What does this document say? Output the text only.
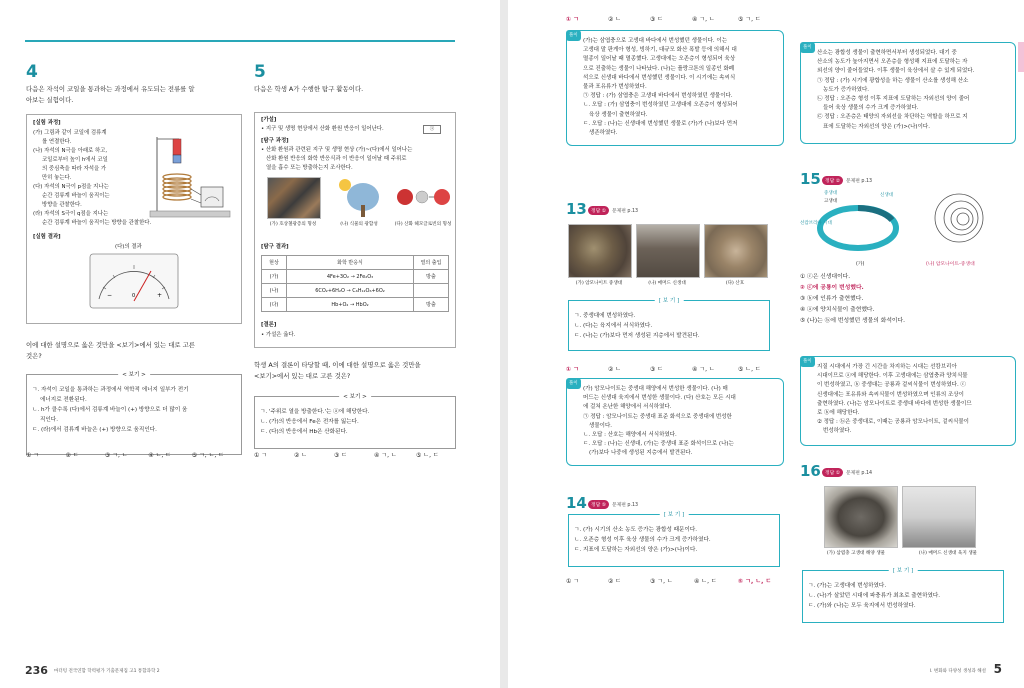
4
다음은 자석이 코일을 통과하는 과정에서 유도되는 전류를 알
아보는 실험이다.
[실험 과정]
(가) 그림과 같이 코일에 검류계
를 연결한다.
(나) 자석의 N극을 아래로 하고,
코일로부터 높이 h에서 코일
의 중심축을 따라 자석을 가
만히 놓는다.
(다) 자석의 N극이 p점을 지나는
순간 검류계 바늘이 움직이는
방향을 관찰한다.
(라) 자석의 S극이 q점을 지나는
순간 검류계 바늘이 움직이는 방향을 관찰한다.
[실험 결과]
(다)의 결과
−	+
0
이에 대한 설명으로 옳은 것만을 <보기>에서 있는 대로 고른
것은?
< 보기 >
ㄱ. 자석이 코일을 통과하는 과정에서 역학적 에너지 일부가 전기
에너지로 전환된다.
ㄴ. h가 클수록 (다)에서 검류계 바늘이 (+) 방향으로 더 많이 움
직인다.
ㄷ. (라)에서 검류계 바늘은 (+) 방향으로 움직인다.
① ㄱ	② ㄷ	③ ㄱ, ㄴ	④ ㄴ, ㄷ	⑤ ㄱ, ㄴ, ㄷ
5
다음은 학생 A가 수행한 탐구 활동이다.
[가설]
• 지구 및 생명 현상에서 산화 환원 반응이 일어난다.	ⓐ
[탐구 과정]
• 산화 환원과 관련된 지구 및 생명 현상 (가)~(다)에서 일어나는
산화 환원 반응의 화학 반응식과 이 반응이 일어날 때 주위로
열을 흡수 또는 방출하는지 조사한다.
(가) 호상철광층의 형성	(나) 식물의 광합성	(다) 산화 헤모글로빈의 형성
[탐구 결과]
현상	화학 반응식	열의 출입
(가)	4Fe+3O₂ → 2Fe₂O₃	방출
(나)	6CO₂+6H₂O → C₆H₁₂O₆+6O₂	
(다)	Hb+O₂ → HbO₂	방출
[결론]
• 가설은 옳다.
학생 A의 결론이 타당할 때, 이에 대한 설명으로 옳은 것만을
<보기>에서 있는 대로 고른 것은?
< 보기 >
ㄱ. '주위로 열을 방출한다.'는 ⓐ에 해당한다.
ㄴ. (가)의 반응에서 Fe은 전자를 잃는다.
ㄷ. (다)의 반응에서 Hb은 산화된다.
① ㄱ	② ㄴ	③ ㄷ	④ ㄱ, ㄴ	⑤ ㄴ, ㄷ
236 마더텅 전국연합 학력평가 기출문제집 고1 통합과학 2
① ㄱ	② ㄴ	③ ㄷ	④ ㄱ, ㄴ	⑤ ㄱ, ㄷ
풀이
(가)는 삼엽충으로 고생대 바다에서 번성했던 생물이다. 이는
고생대 말 판게아 형성, 빙하기, 대규모 화산 폭발 등에 의해서 대
멸종이 일어날 때 멸종했다. 고생대에는 오존층이 형성되어 육상
으로 진출하는 생물이 나타났다. (나)는 플랑크톤의 일종인 화폐
석으로 신생대 바다에서 번성했던 생물이다. 이 시기에는 속씨식
물과 포유류가 번성하였다.
㉠ 정답 : (가) 삼엽충은 고생대 바다에서 번성하였던 생물이다.
ㄴ. 오답 : (가) 삼엽충이 번성하였던 고생대에 오존층이 형성되어
육상 생물이 출현하였다.
ㄷ. 오답 : (나)는 신생대에 번성했던 생물로 (가)가 (나)보다 먼저
생존하였다.
13 정답 ①	문제편 p.13
(가) 암모나이트 중생대	(나) 매머드 신생대	(다) 산호
[ 보 기 ]
ㄱ. 중생대에 번성하였다.
ㄴ. (다)는 육지에서 서식하였다.
ㄷ. (나)는 (가)보다 먼저 생성된 지층에서 발견된다.
① ㄱ	② ㄴ	③ ㄷ	④ ㄱ, ㄴ	⑤ ㄴ, ㄷ
풀이
(가) 암모나이트는 중생대 해양에서 번성한 생물이다. (나) 매
머드는 신생대 육지에서 번성한 생물이다. (다) 산호는 모든 시대
에 걸쳐 온난한 해양에서 서식하였다.
㉠ 정답 : 암모나이트는 중생대 표준 화석으로 중생대에 번성한
생물이다.
ㄴ. 오답 : 산호는 해양에서 서식하였다.
ㄷ. 오답 : (나)는 신생대, (가)는 중생대 표준 화석이므로 (나)는
(가)보다 나중에 생성된 지층에서 발견된다.
14 정답 ⑤	문제편 p.13
[ 보 기 ]
ㄱ. (가) 시기의 산소 농도 증가는 광합성 때문이다.
ㄴ. 오존층 형성 이후 육상 생물의 수가 크게 증가하였다.
ㄷ. 지표에 도달하는 자외선의 양은 (가)>(나)이다.
① ㄱ	② ㄷ	③ ㄱ, ㄴ	④ ㄴ, ㄷ	⑤ ㄱ, ㄴ, ㄷ
풀이
산소는 광합성 생물이 출현하면서부터 생성되었다. 대기 중
산소의 농도가 높아지면서 오존층을 형성해 지표에 도달하는 자
외선의 양이 줄어들었다. 이후 생물이 육상에서 살 수 있게 되었다.
㉠ 정답 : (가) 시기에 광합성을 하는 생물이 산소를 생성해 산소
농도가 증가하였다.
㉡ 정답 : 오존층 형성 이후 지표에 도달하는 자외선의 양이 줄어
들어 육상 생물의 수가 크게 증가하였다.
㉢ 정답 : 오존층은 태양의 자외선을 차단하는 역할을 하므로 지
표에 도달하는 자외선의 양은 (가)>(나)이다.
15 정답 ②	문제편 p.13
중생대
고생대
선캄브리아 시대
신생대
(가)	(나) 암모나이트-중생대
① ⓒ은 신생대이다.
② ⓒ에 공룡이 번성했다.
③ ⓑ에 인류가 출현했다.
④ ⓐ에 양치식물이 출현했다.
⑤ (나)는 ⓑ에 번성했던 생물의 화석이다.
풀이
지질 시대에서 가장 긴 시간을 차지하는 시대는 선캄브리아
시대이므로 ⓐ에 해당한다. 이후 고생대에는 삼엽충과 양치식물
이 번성하였고, ⓑ 중생대는 공룡과 겉씨식물이 번성하였다. ⓒ
신생대에는 포유류와 속씨식물이 번성하였으며 인류의 조상이
출현하였다. (나)는 암모나이트로 중생대 바다에 번성한 생물이므
로 ⓑ에 해당한다.
② 정답 : ⓑ은 중생대로, 이때는 공룡과 암모나이트, 겉씨식물이
번성하였다.
16 정답 ①	문제편 p.14
(가) 삼엽충 고생대 해양 생물	(나) 매머드 신생대 육지 생물
[ 보 기 ]
ㄱ. (가)는 고생대에 번성하였다.
ㄴ. (나)가 살았던 시대에 파충류가 최초로 출현하였다.
ㄷ. (가)와 (나)는 모두 육지에서 번성하였다.
I. 변화와 다양성 생성과 해설 5
